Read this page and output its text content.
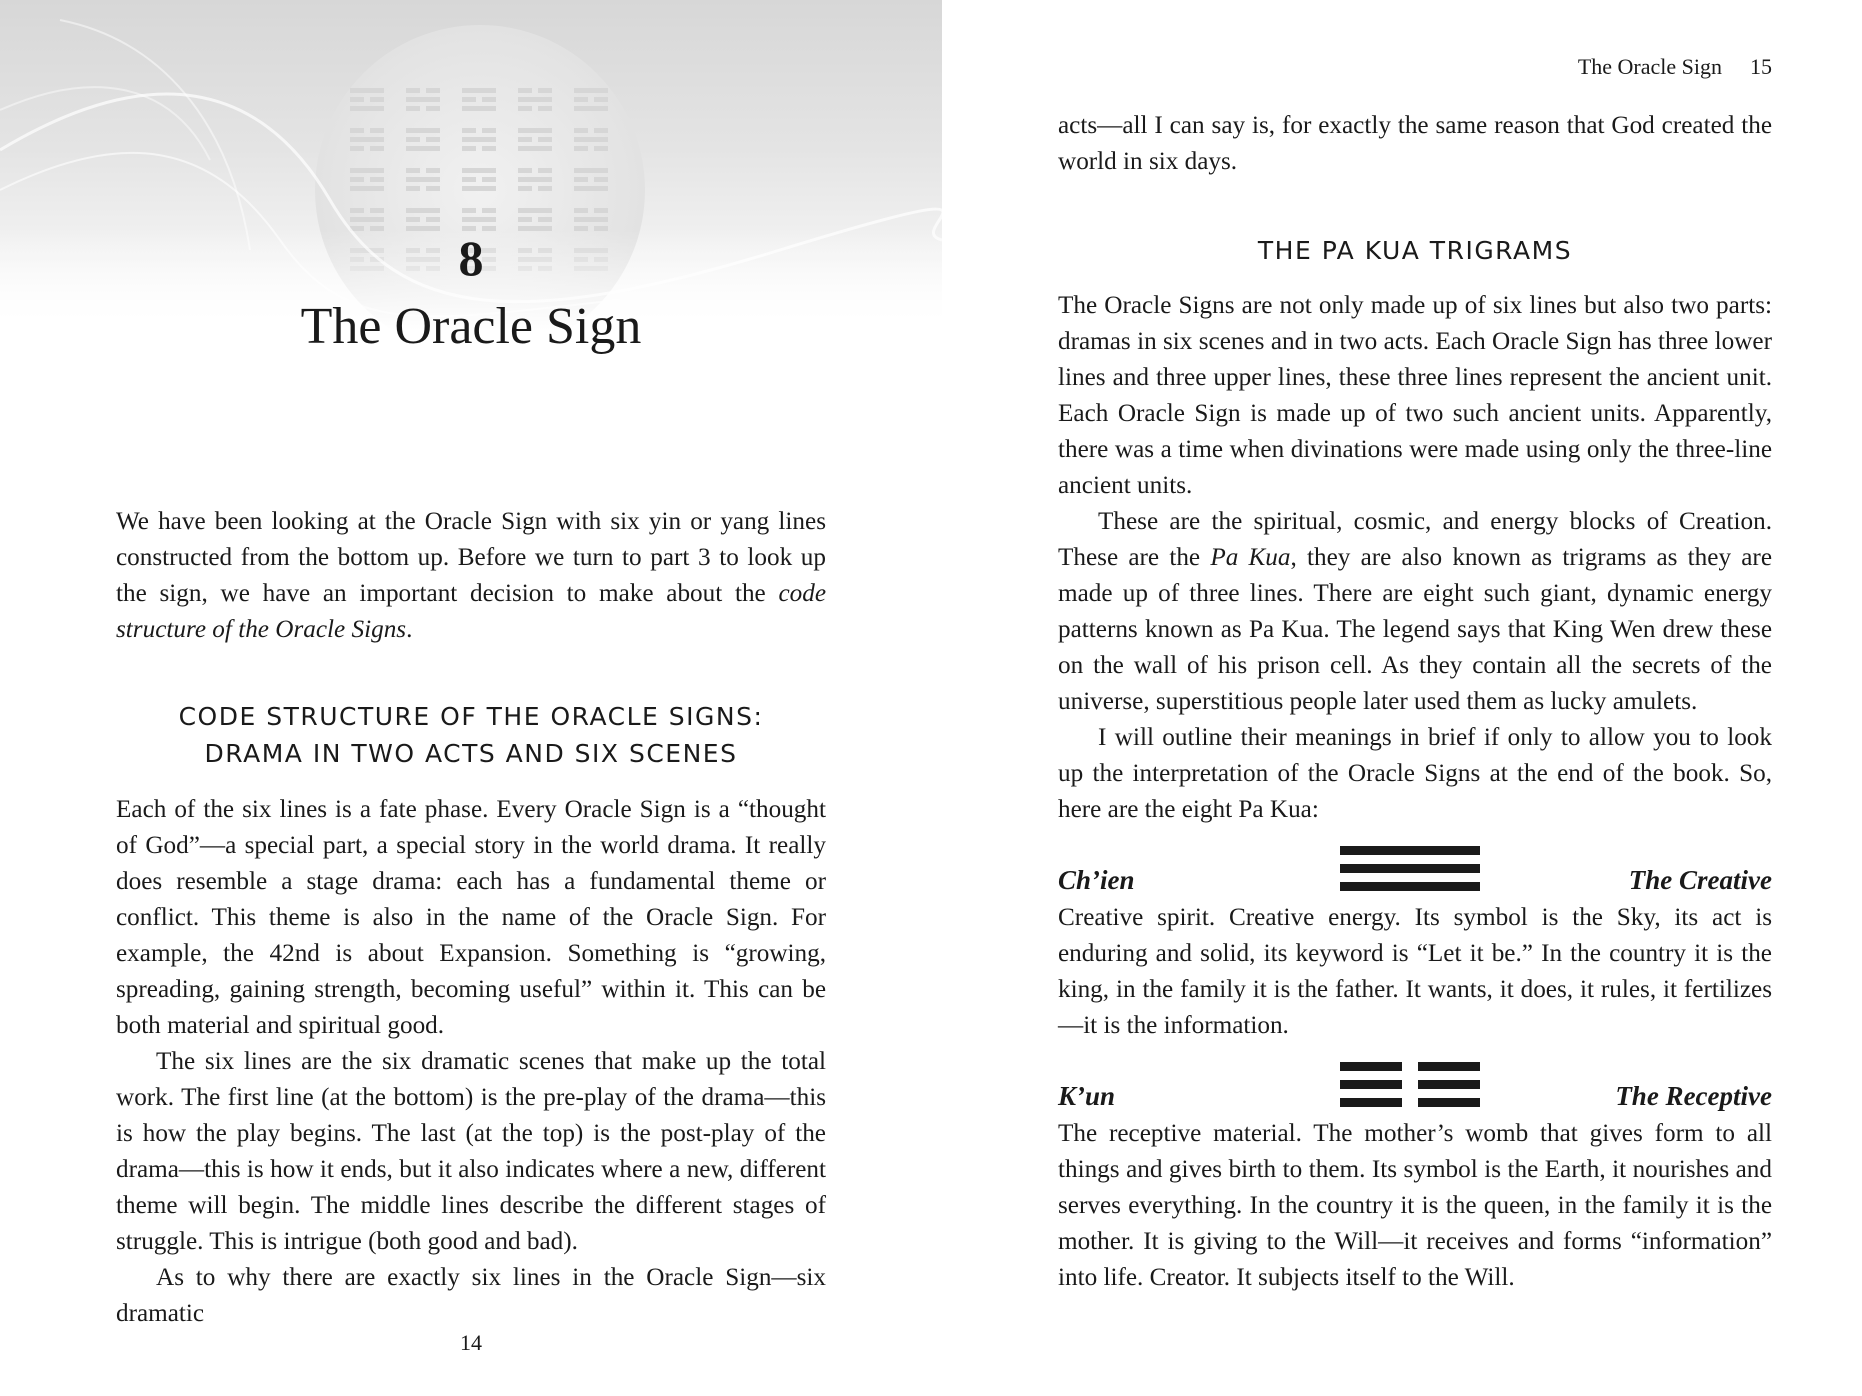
8
The Oracle Sign

We have been looking at the Oracle Sign with six yin or yang lines constructed from the bottom up. Before we turn to part 3 to look up the sign, we have an important decision to make about the code structure of the Oracle Signs.

CODE STRUCTURE OF THE ORACLE SIGNS:
DRAMA IN TWO ACTS AND SIX SCENES

Each of the six lines is a fate phase. Every Oracle Sign is a “thought of God”—a special part, a special story in the world drama. It really does resemble a stage drama: each has a fundamental theme or conflict. This theme is also in the name of the Oracle Sign. For example, the 42nd is about Expansion. Something is “growing, spreading, gaining strength, becoming useful” within it. This can be both material and spiritual good.

The six lines are the six dramatic scenes that make up the total work. The first line (at the bottom) is the pre-play of the drama—this is how the play begins. The last (at the top) is the post-play of the drama—this is how it ends, but it also indicates where a new, different theme will begin. The middle lines describe the different stages of struggle. This is intrigue (both good and bad).

As to why there are exactly six lines in the Oracle Sign—six dramatic

14
The Oracle Sign 15

acts—all I can say is, for exactly the same reason that God created the world in six days.

THE PA KUA TRIGRAMS

The Oracle Signs are not only made up of six lines but also two parts: dramas in six scenes and in two acts. Each Oracle Sign has three lower lines and three upper lines, these three lines represent the ancient unit. Each Oracle Sign is made up of two such ancient units. Apparently, there was a time when divinations were made using only the three-line ancient units.

These are the spiritual, cosmic, and energy blocks of Creation. These are the Pa Kua, they are also known as trigrams as they are made up of three lines. There are eight such giant, dynamic energy patterns known as Pa Kua. The legend says that King Wen drew these on the wall of his prison cell. As they contain all the secrets of the universe, superstitious people later used them as lucky amulets.

I will outline their meanings in brief if only to allow you to look up the interpretation of the Oracle Signs at the end of the book. So, here are the eight Pa Kua:

Ch’ien	The Creative

Creative spirit. Creative energy. Its symbol is the Sky, its act is enduring and solid, its keyword is “Let it be.” In the country it is the king, in the family it is the father. It wants, it does, it rules, it fertilizes—it is the information.

K’un	The Receptive

The receptive material. The mother’s womb that gives form to all things and gives birth to them. Its symbol is the Earth, it nourishes and serves everything. In the country it is the queen, in the family it is the mother. It is giving to the Will—it receives and forms “information” into life. Creator. It subjects itself to the Will.
